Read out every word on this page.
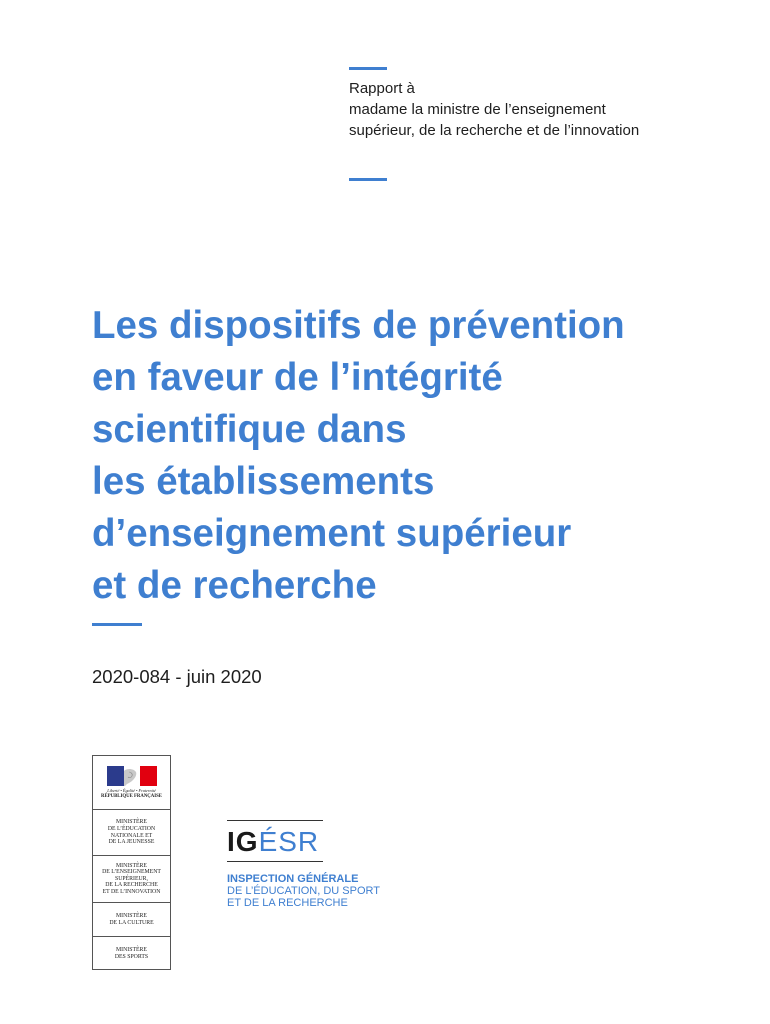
Rapport à
madame la ministre de l’enseignement
supérieur, de la recherche et de l’innovation
Les dispositifs de prévention
en faveur de l’intégrité
scientifique dans
les établissements
d’enseignement supérieur
et de recherche
2020-084 - juin 2020
Liberté • Égalité • Fraternité
RÉPUBLIQUE FRANÇAISE
MINISTÈRE
DE L’ÉDUCATION
NATIONALE ET
DE LA JEUNESSE
MINISTÈRE
DE L’ENSEIGNEMENT
SUPÉRIEUR,
DE LA RECHERCHE
ET DE L’INNOVATION
MINISTÈRE
DE LA CULTURE
MINISTÈRE
DES SPORTS
IGÉSR
INSPECTION GÉNÉRALE
DE L’ÉDUCATION, DU SPORT
ET DE LA RECHERCHE
